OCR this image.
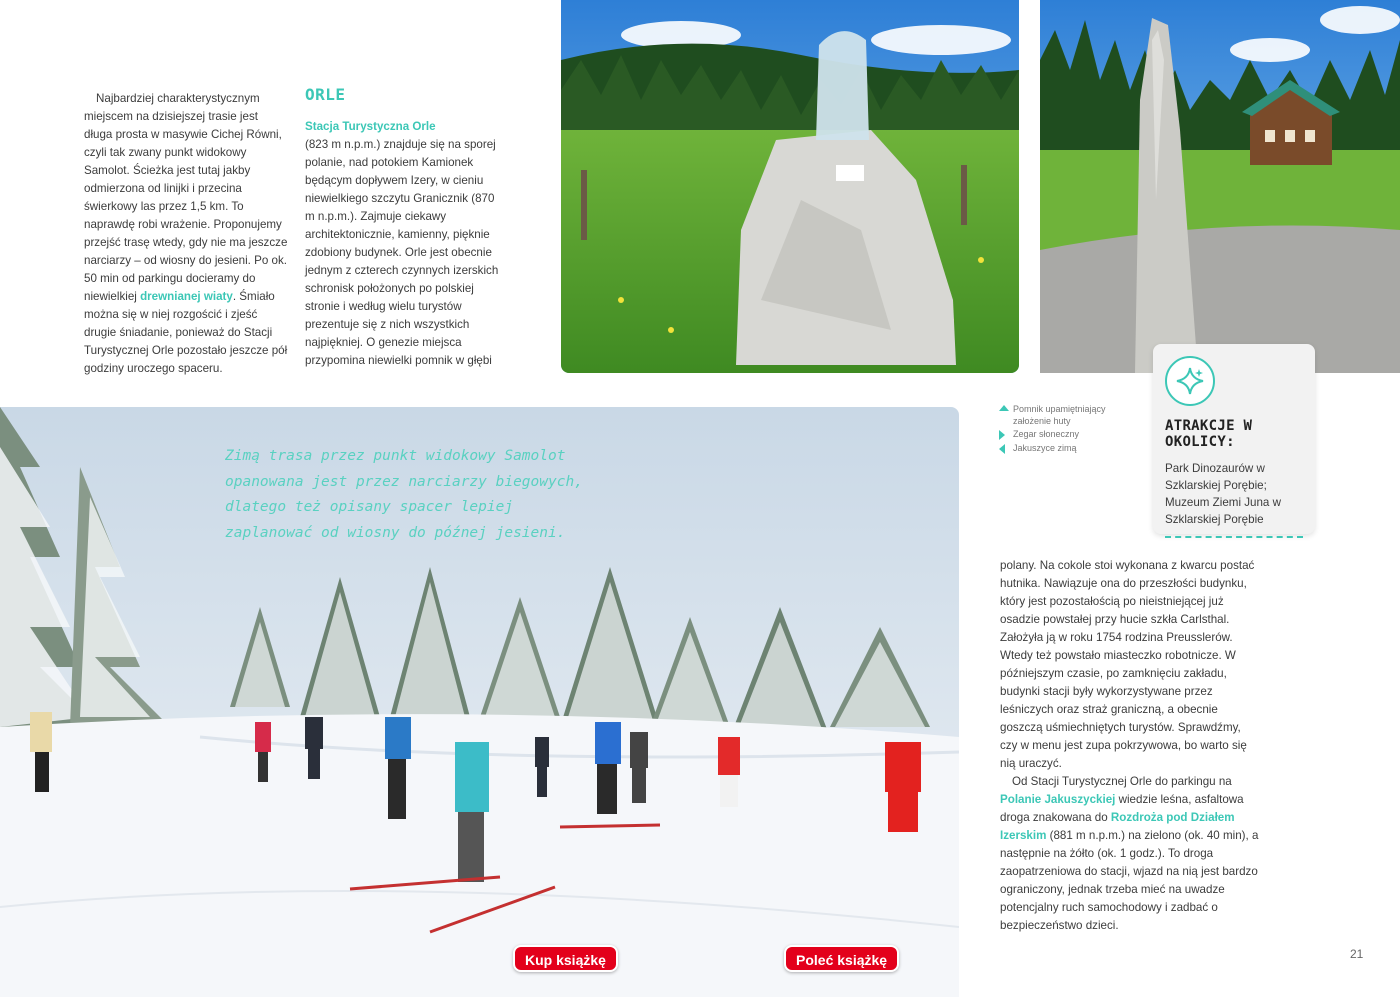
Najbardziej charakterystycznym miejscem na dzisiejszej trasie jest długa prosta w masywie Cichej Równi, czyli tak zwany punkt widokowy Samolot. Ścieżka jest tutaj jakby odmierzona od linijki i przecina świerkowy las przez 1,5 km. To naprawdę robi wrażenie. Proponujemy przejść trasę wtedy, gdy nie ma jeszcze narciarzy – od wiosny do jesieni. Po ok. 50 min od parkingu docieramy do niewielkiej drewnianej wiaty. Śmiało można się w niej rozgościć i zjeść drugie śniadanie, ponieważ do Stacji Turystycznej Orle pozostało jeszcze pół godziny uroczego spaceru.

ORLE

Stacja Turystyczna Orle
(823 m n.p.m.) znajduje się na sporej polanie, nad potokiem Kamionek będącym dopływem Izery, w cieniu niewielkiego szczytu Granicznik (870 m n.p.m.). Zajmuje ciekawy architektonicznie, kamienny, pięknie zdobiony budynek. Orle jest obecnie jednym z czterech czynnych izerskich schronisk położonych po polskiej stronie i według wielu turystów prezentuje się z nich wszystkich najpiękniej. O genezie miejsca przypomina niewielki pomnik w głębi

Zimą trasa przez punkt widokowy Samolot opanowana jest przez narciarzy biegowych, dlatego też opisany spacer lepiej zaplanować od wiosny do późnej jesieni.
Pomnik upamiętniający założenie huty
Zegar słoneczny
Jakuszyce zimą
ATRAKCJE W OKOLICY:
Park Dinozaurów w Szklarskiej Porębie; Muzeum Ziemi Juna w Szklarskiej Porębie

polany. Na cokole stoi wykonana z kwarcu postać hutnika. Nawiązuje ona do przeszłości budynku, który jest pozostałością po nieistniejącej już osadzie powstałej przy hucie szkła Carlsthal. Założyła ją w roku 1754 rodzina Preusslerów. Wtedy też powstało miasteczko robotnicze. W późniejszym czasie, po zamknięciu zakładu, budynki stacji były wykorzystywane przez leśniczych oraz straż graniczną, a obecnie goszczą uśmiechniętych turystów. Sprawdźmy, czy w menu jest zupa pokrzywowa, bo warto się nią uraczyć.

Od Stacji Turystycznej Orle do parkingu na Polanie Jakuszyckiej wiedzie leśna, asfaltowa droga znakowana do Rozdroża pod Działem Izerskim (881 m n.p.m.) na zielono (ok. 40 min), a następnie na żółto (ok. 1 godz.). To droga zaopatrzeniowa do stacji, wjazd na nią jest bardzo ograniczony, jednak trzeba mieć na uwadze potencjalny ruch samochodowy i zadbać o bezpieczeństwo dzieci.

Kup książkę	Poleć książkę	21
